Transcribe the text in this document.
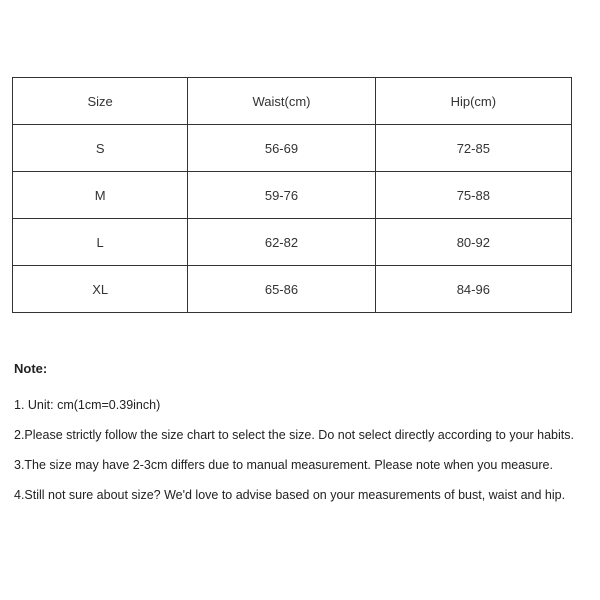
Size	Waist(cm)	Hip(cm)
S	56-69	72-85
M	59-76	75-88
L	62-82	80-92
XL	65-86	84-96
Note:
1. Unit: cm(1cm=0.39inch)
2.Please strictly follow the size chart to select the size. Do not select directly according to your habits.
3.The size may have 2-3cm differs due to manual measurement. Please note when you measure.
4.Still not sure about size? We'd love to advise based on your measurements of bust, waist and hip.
